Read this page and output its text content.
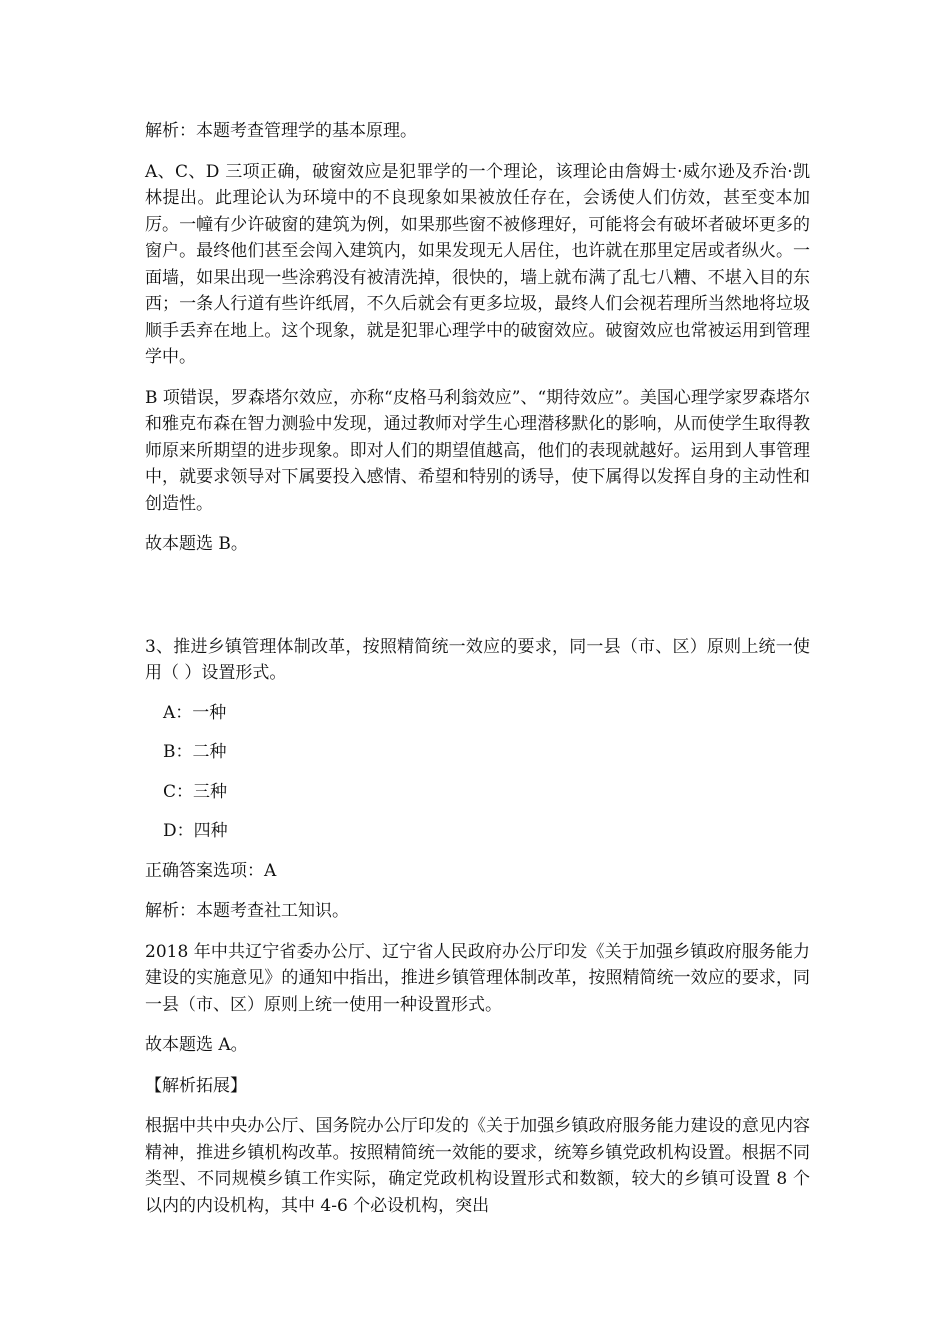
解析：本题考查管理学的基本原理。

A、C、D 三项正确，破窗效应是犯罪学的一个理论，该理论由詹姆士·威尔逊及乔治·凯林提出。此理论认为环境中的不良现象如果被放任存在，会诱使人们仿效，甚至变本加厉。一幢有少许破窗的建筑为例，如果那些窗不被修理好，可能将会有破坏者破坏更多的窗户。最终他们甚至会闯入建筑内，如果发现无人居住，也许就在那里定居或者纵火。一面墙，如果出现一些涂鸦没有被清洗掉，很快的，墙上就布满了乱七八糟、不堪入目的东西；一条人行道有些许纸屑，不久后就会有更多垃圾，最终人们会视若理所当然地将垃圾顺手丢弃在地上。这个现象，就是犯罪心理学中的破窗效应。破窗效应也常被运用到管理学中。

B 项错误，罗森塔尔效应，亦称“皮格马利翁效应”、“期待效应”。美国心理学家罗森塔尔和雅克布森在智力测验中发现，通过教师对学生心理潜移默化的影响，从而使学生取得教师原来所期望的进步现象。即对人们的期望值越高，他们的表现就越好。运用到人事管理中，就要求领导对下属要投入感情、希望和特别的诱导，使下属得以发挥自身的主动性和创造性。

故本题选 B。

3、推进乡镇管理体制改革，按照精简统一效应的要求，同一县（市、区）原则上统一使用（ ）设置形式。

A：一种

B：二种

C：三种

D：四种

正确答案选项：A

解析：本题考查社工知识。

2018 年中共辽宁省委办公厅、辽宁省人民政府办公厅印发《关于加强乡镇政府服务能力建设的实施意见》的通知中指出，推进乡镇管理体制改革，按照精简统一效应的要求，同一县（市、区）原则上统一使用一种设置形式。

故本题选 A。

【解析拓展】

根据中共中央办公厅、国务院办公厅印发的《关于加强乡镇政府服务能力建设的意见内容精神，推进乡镇机构改革。按照精简统一效能的要求，统筹乡镇党政机构设置。根据不同类型、不同规模乡镇工作实际，确定党政机构设置形式和数额，较大的乡镇可设置 8 个以内的内设机构，其中 4-6 个必设机构，突出
